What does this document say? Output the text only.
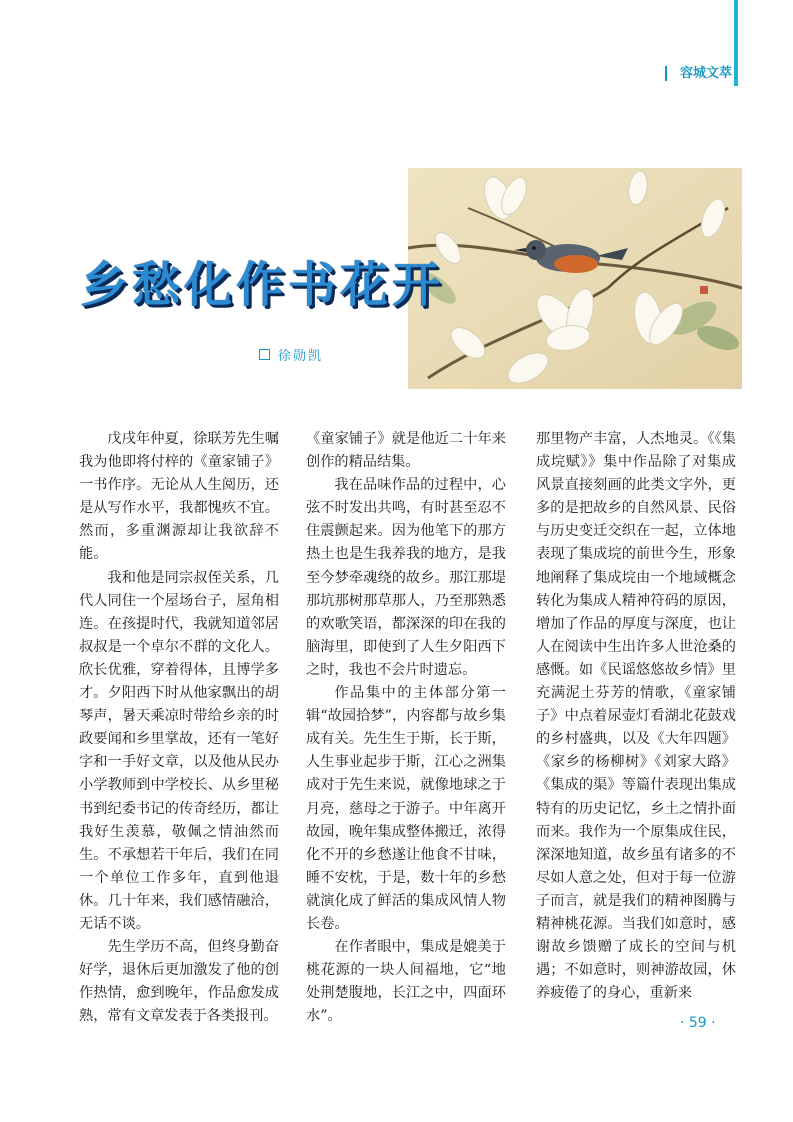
容城文萃
乡愁化作书花开
徐勋凯

戊戌年仲夏，徐联芳先生嘱我为他即将付梓的《童家铺子》一书作序。无论从人生阅历，还是从写作水平，我都愧疚不宜。然而，多重渊源却让我欲辞不能。

我和他是同宗叔侄关系，几代人同住一个屋场台子，屋角相连。在孩提时代，我就知道邻居叔叔是一个卓尔不群的文化人。欣长优雅，穿着得体，且博学多才。夕阳西下时从他家飘出的胡琴声，暑天乘凉时带给乡亲的时政要闻和乡里掌故，还有一笔好字和一手好文章，以及他从民办小学教师到中学校长、从乡里秘书到纪委书记的传奇经历，都让我好生羡慕，敬佩之情油然而生。不承想若干年后，我们在同一个单位工作多年，直到他退休。几十年来，我们感情融洽，无话不谈。

先生学历不高，但终身勤奋好学，退休后更加激发了他的创作热情，愈到晚年，作品愈发成熟，常有文章发表于各类报刊。

《童家铺子》就是他近二十年来创作的精品结集。

我在品味作品的过程中，心弦不时发出共鸣，有时甚至忍不住震颤起来。因为他笔下的那方热土也是生我养我的地方，是我至今梦牵魂绕的故乡。那江那堤那坑那树那草那人，乃至那熟悉的欢歌笑语，都深深的印在我的脑海里，即使到了人生夕阳西下之时，我也不会片时遗忘。

作品集中的主体部分第一辑“故园拾梦”，内容都与故乡集成有关。先生生于斯，长于斯，人生事业起步于斯，江心之洲集成对于先生来说，就像地球之于月亮，慈母之于游子。中年离开故园，晚年集成整体搬迁，浓得化不开的乡愁遂让他食不甘味，睡不安枕，于是，数十年的乡愁就演化成了鲜活的集成风情人物长卷。

在作者眼中，集成是媲美于桃花源的一块人间福地，它“地处荆楚腹地，长江之中，四面环水”。

那里物产丰富，人杰地灵。《《集成垸赋》》集中作品除了对集成风景直接刻画的此类文字外，更多的是把故乡的自然风景、民俗与历史变迁交织在一起，立体地表现了集成垸的前世今生，形象地阐释了集成垸由一个地域概念转化为集成人精神符码的原因，增加了作品的厚度与深度，也让人在阅读中生出许多人世沧桑的感慨。如《民谣悠悠故乡情》里充满泥土芬芳的情歌，《童家铺子》中点着尿壶灯看湖北花鼓戏的乡村盛典，以及《大年四题》《家乡的杨柳树》《刘家大路》《集成的渠》等篇什表现出集成特有的历史记忆，乡土之情扑面而来。我作为一个原集成住民，深深地知道，故乡虽有诸多的不尽如人意之处，但对于每一位游子而言，就是我们的精神图腾与精神桃花源。当我们如意时，感谢故乡馈赠了成长的空间与机遇；不如意时，则神游故园，休养疲倦了的身心，重新来

· 59 ·
